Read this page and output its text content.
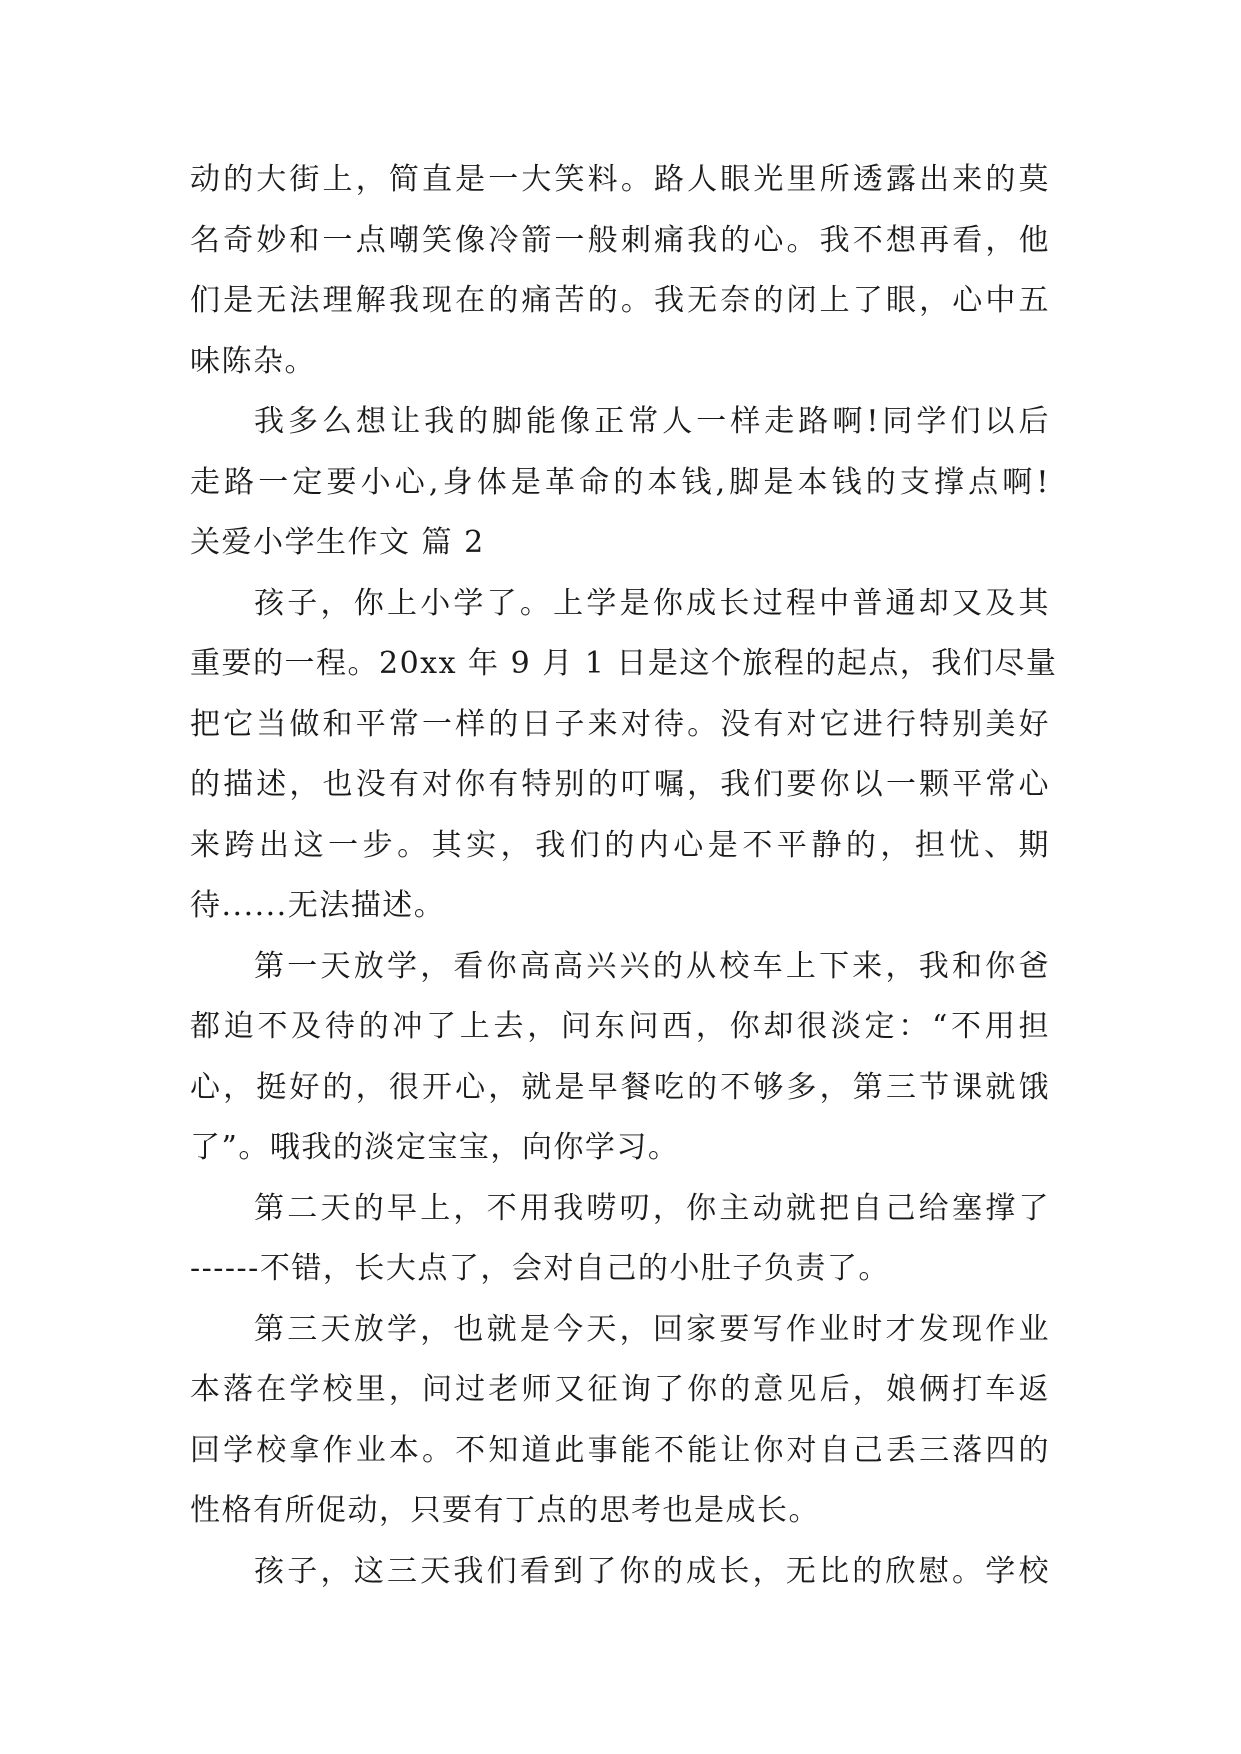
动的大街上，简直是一大笑料。路人眼光里所透露出来的莫
名奇妙和一点嘲笑像冷箭一般刺痛我的心。我不想再看，他
们是无法理解我现在的痛苦的。我无奈的闭上了眼，心中五
味陈杂。
我多么想让我的脚能像正常人一样走路啊!同学们以后
走路一定要小心,身体是革命的本钱,脚是本钱的支撑点啊!
关爱小学生作文 篇 2
孩子，你上小学了。上学是你成长过程中普通却又及其
重要的一程。20xx 年 9 月 1 日是这个旅程的起点，我们尽量
把它当做和平常一样的日子来对待。没有对它进行特别美好
的描述，也没有对你有特别的叮嘱，我们要你以一颗平常心
来跨出这一步。其实，我们的内心是不平静的，担忧、期
待......无法描述。
第一天放学，看你高高兴兴的从校车上下来，我和你爸
都迫不及待的冲了上去，问东问西，你却很淡定：“不用担
心，挺好的，很开心，就是早餐吃的不够多，第三节课就饿
了”。哦我的淡定宝宝，向你学习。
第二天的早上，不用我唠叨，你主动就把自己给塞撑了
------不错，长大点了，会对自己的小肚子负责了。
第三天放学，也就是今天，回家要写作业时才发现作业
本落在学校里，问过老师又征询了你的意见后，娘俩打车返
回学校拿作业本。不知道此事能不能让你对自己丢三落四的
性格有所促动，只要有丁点的思考也是成长。
孩子，这三天我们看到了你的成长，无比的欣慰。学校
